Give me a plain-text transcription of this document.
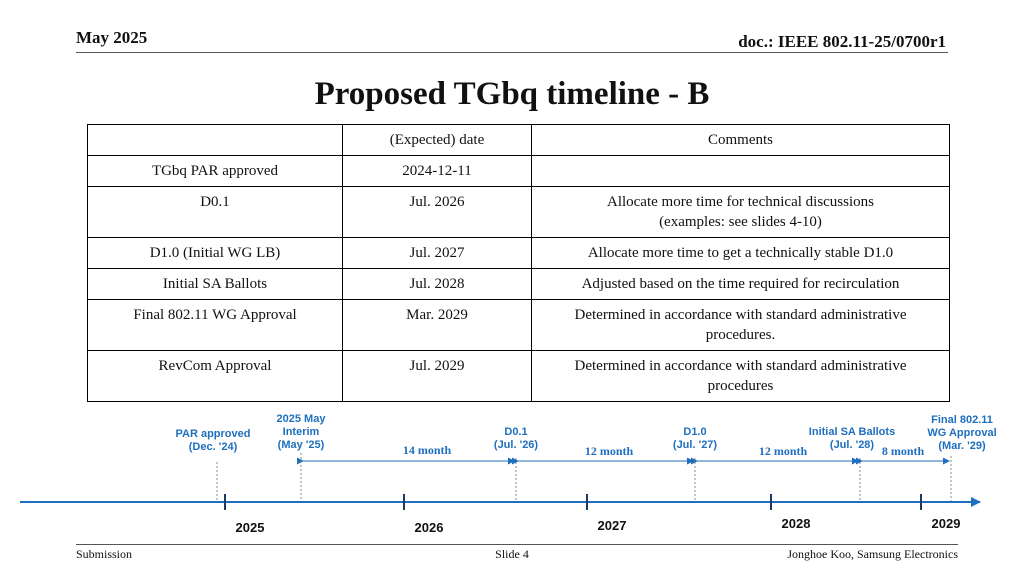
May 2025	doc.: IEEE 802.11-25/0700r1
Proposed TGbq timeline - B
	(Expected) date	Comments
TGbq PAR approved	2024-12-11	
D0.1	Jul. 2026	Allocate more time for technical discussions
(examples: see slides 4-10)

D1.0 (Initial WG LB)	Jul. 2027	Allocate more time to get a technically stable D1.0

Initial SA Ballots	Jul. 2028	Adjusted based on the time required for recirculation

Final 802.11 WG Approval	Mar. 2029	Determined in accordance with standard administrative
procedures.

RevCom Approval	Jul. 2029	Determined in accordance with standard administrative
procedures
14 month	12 month	12 month	8 month
2025	2026	2027	2028	2029
PAR approved (Dec. '24)
2025 May Interim (May '25)
D0.1 (Jul. '26)
D1.0 (Jul. '27)
Initial SA Ballots (Jul. '28)
Final 802.11 WG Approval (Mar. '29)
Submission	Slide 4	Jonghoe Koo, Samsung Electronics
